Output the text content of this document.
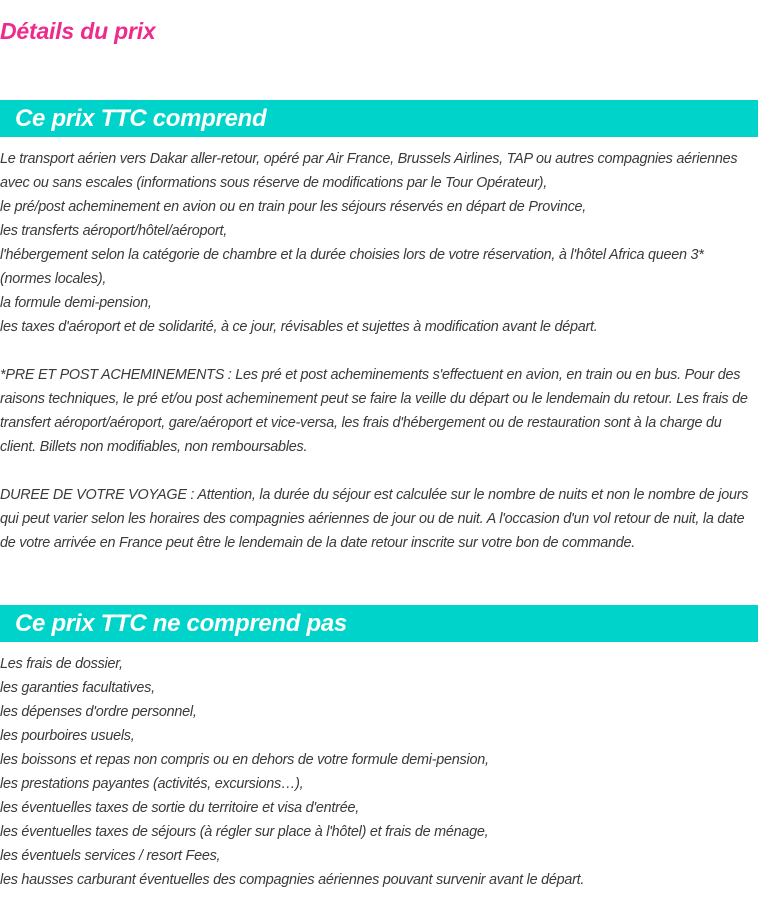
Détails du prix
Ce prix TTC comprend
Le transport aérien vers Dakar aller-retour, opéré par Air France, Brussels Airlines, TAP ou autres compagnies aériennes avec ou sans escales (informations sous réserve de modifications par le Tour Opérateur),
le pré/post acheminement en avion ou en train pour les séjours réservés en départ de Province,
les transferts aéroport/hôtel/aéroport,
l'hébergement selon la catégorie de chambre et la durée choisies lors de votre réservation, à l'hôtel Africa queen 3* (normes locales),
la formule demi-pension,
les taxes d'aéroport et de solidarité, à ce jour, révisables et sujettes à modification avant le départ.

*PRE ET POST ACHEMINEMENTS : Les pré et post acheminements s'effectuent en avion, en train ou en bus. Pour des raisons techniques, le pré et/ou post acheminement peut se faire la veille du départ ou le lendemain du retour. Les frais de transfert aéroport/aéroport, gare/aéroport et vice-versa, les frais d'hébergement ou de restauration sont à la charge du client. Billets non modifiables, non remboursables.

DUREE DE VOTRE VOYAGE : Attention, la durée du séjour est calculée sur le nombre de nuits et non le nombre de jours qui peut varier selon les horaires des compagnies aériennes de jour ou de nuit. A l'occasion d'un vol retour de nuit, la date de votre arrivée en France peut être le lendemain de la date retour inscrite sur votre bon de commande.

Ce prix TTC ne comprend pas
Les frais de dossier,
les garanties facultatives,
les dépenses d'ordre personnel,
les pourboires usuels,
les boissons et repas non compris ou en dehors de votre formule demi-pension,
les prestations payantes (activités, excursions…),
les éventuelles taxes de sortie du territoire et visa d'entrée,
les éventuelles taxes de séjours (à régler sur place à l'hôtel) et frais de ménage,
les éventuels services / resort Fees,
les hausses carburant éventuelles des compagnies aériennes pouvant survenir avant le départ.
